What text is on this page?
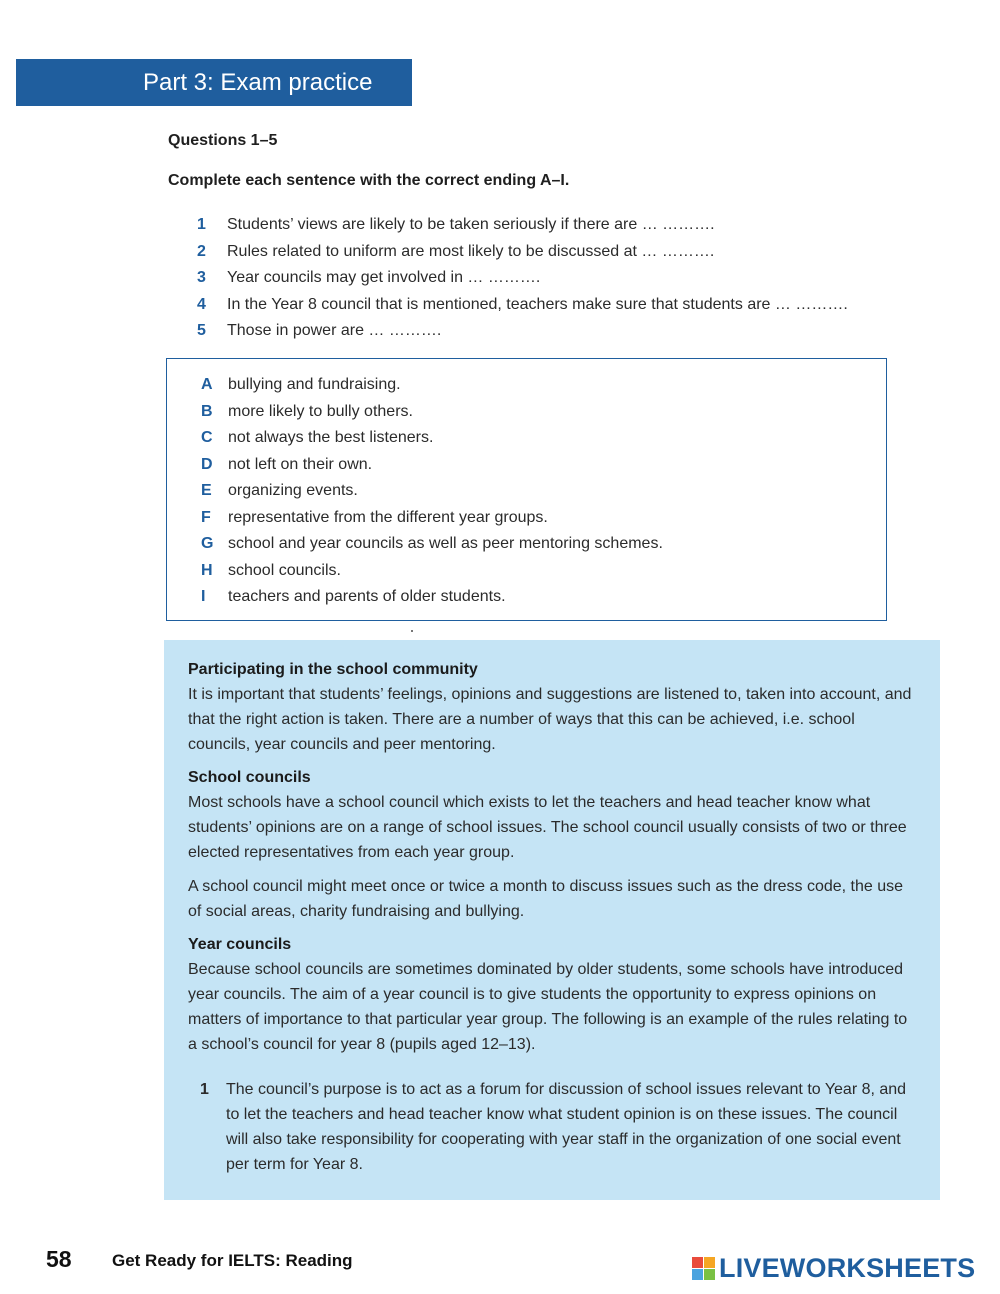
Part 3: Exam practice
Questions 1–5
Complete each sentence with the correct ending A–I.
1	Students’ views are likely to be taken seriously if there are … ……….
2	Rules related to uniform are most likely to be discussed at … ……….
3	Year councils may get involved in … ……….
4	In the Year 8 council that is mentioned, teachers make sure that students are … ……….
5	Those in power are … ……….
A bullying and fundraising.
B more likely to bully others.
C not always the best listeners.
D not left on their own.
E	organizing events.
F	representative from the different year groups.
G school and year councils as well as peer mentoring schemes.
H school councils.
I	teachers and parents of older students.

Participating in the school community

It is important that students’ feelings, opinions and suggestions are listened to, taken into account, and that the right action is taken. There are a number of ways that this can be achieved, i.e. school councils, year councils and peer mentoring.

School councils

Most schools have a school council which exists to let the teachers and head teacher know what students’ opinions are on a range of school issues. The school council usually consists of two or three elected representatives from each year group.

A school council might meet once or twice a month to discuss issues such as the dress code, the use of social areas, charity fundraising and bullying.

Year councils

Because school councils are sometimes dominated by older students, some schools have introduced year councils. The aim of a year council is to give students the opportunity to express opinions on matters of importance to that particular year group. The following is an example of the rules relating to a school’s council for year 8 (pupils aged 12–13).

1	The council’s purpose is to act as a forum for discussion of school issues relevant to Year 8, and to let the teachers and head teacher know what student opinion is on these issues. The council will also take responsibility for cooperating with year staff in the organization of one social event per term for Year 8.
58 Get Ready for IELTS: Reading	LIVEWORKSHEETS
